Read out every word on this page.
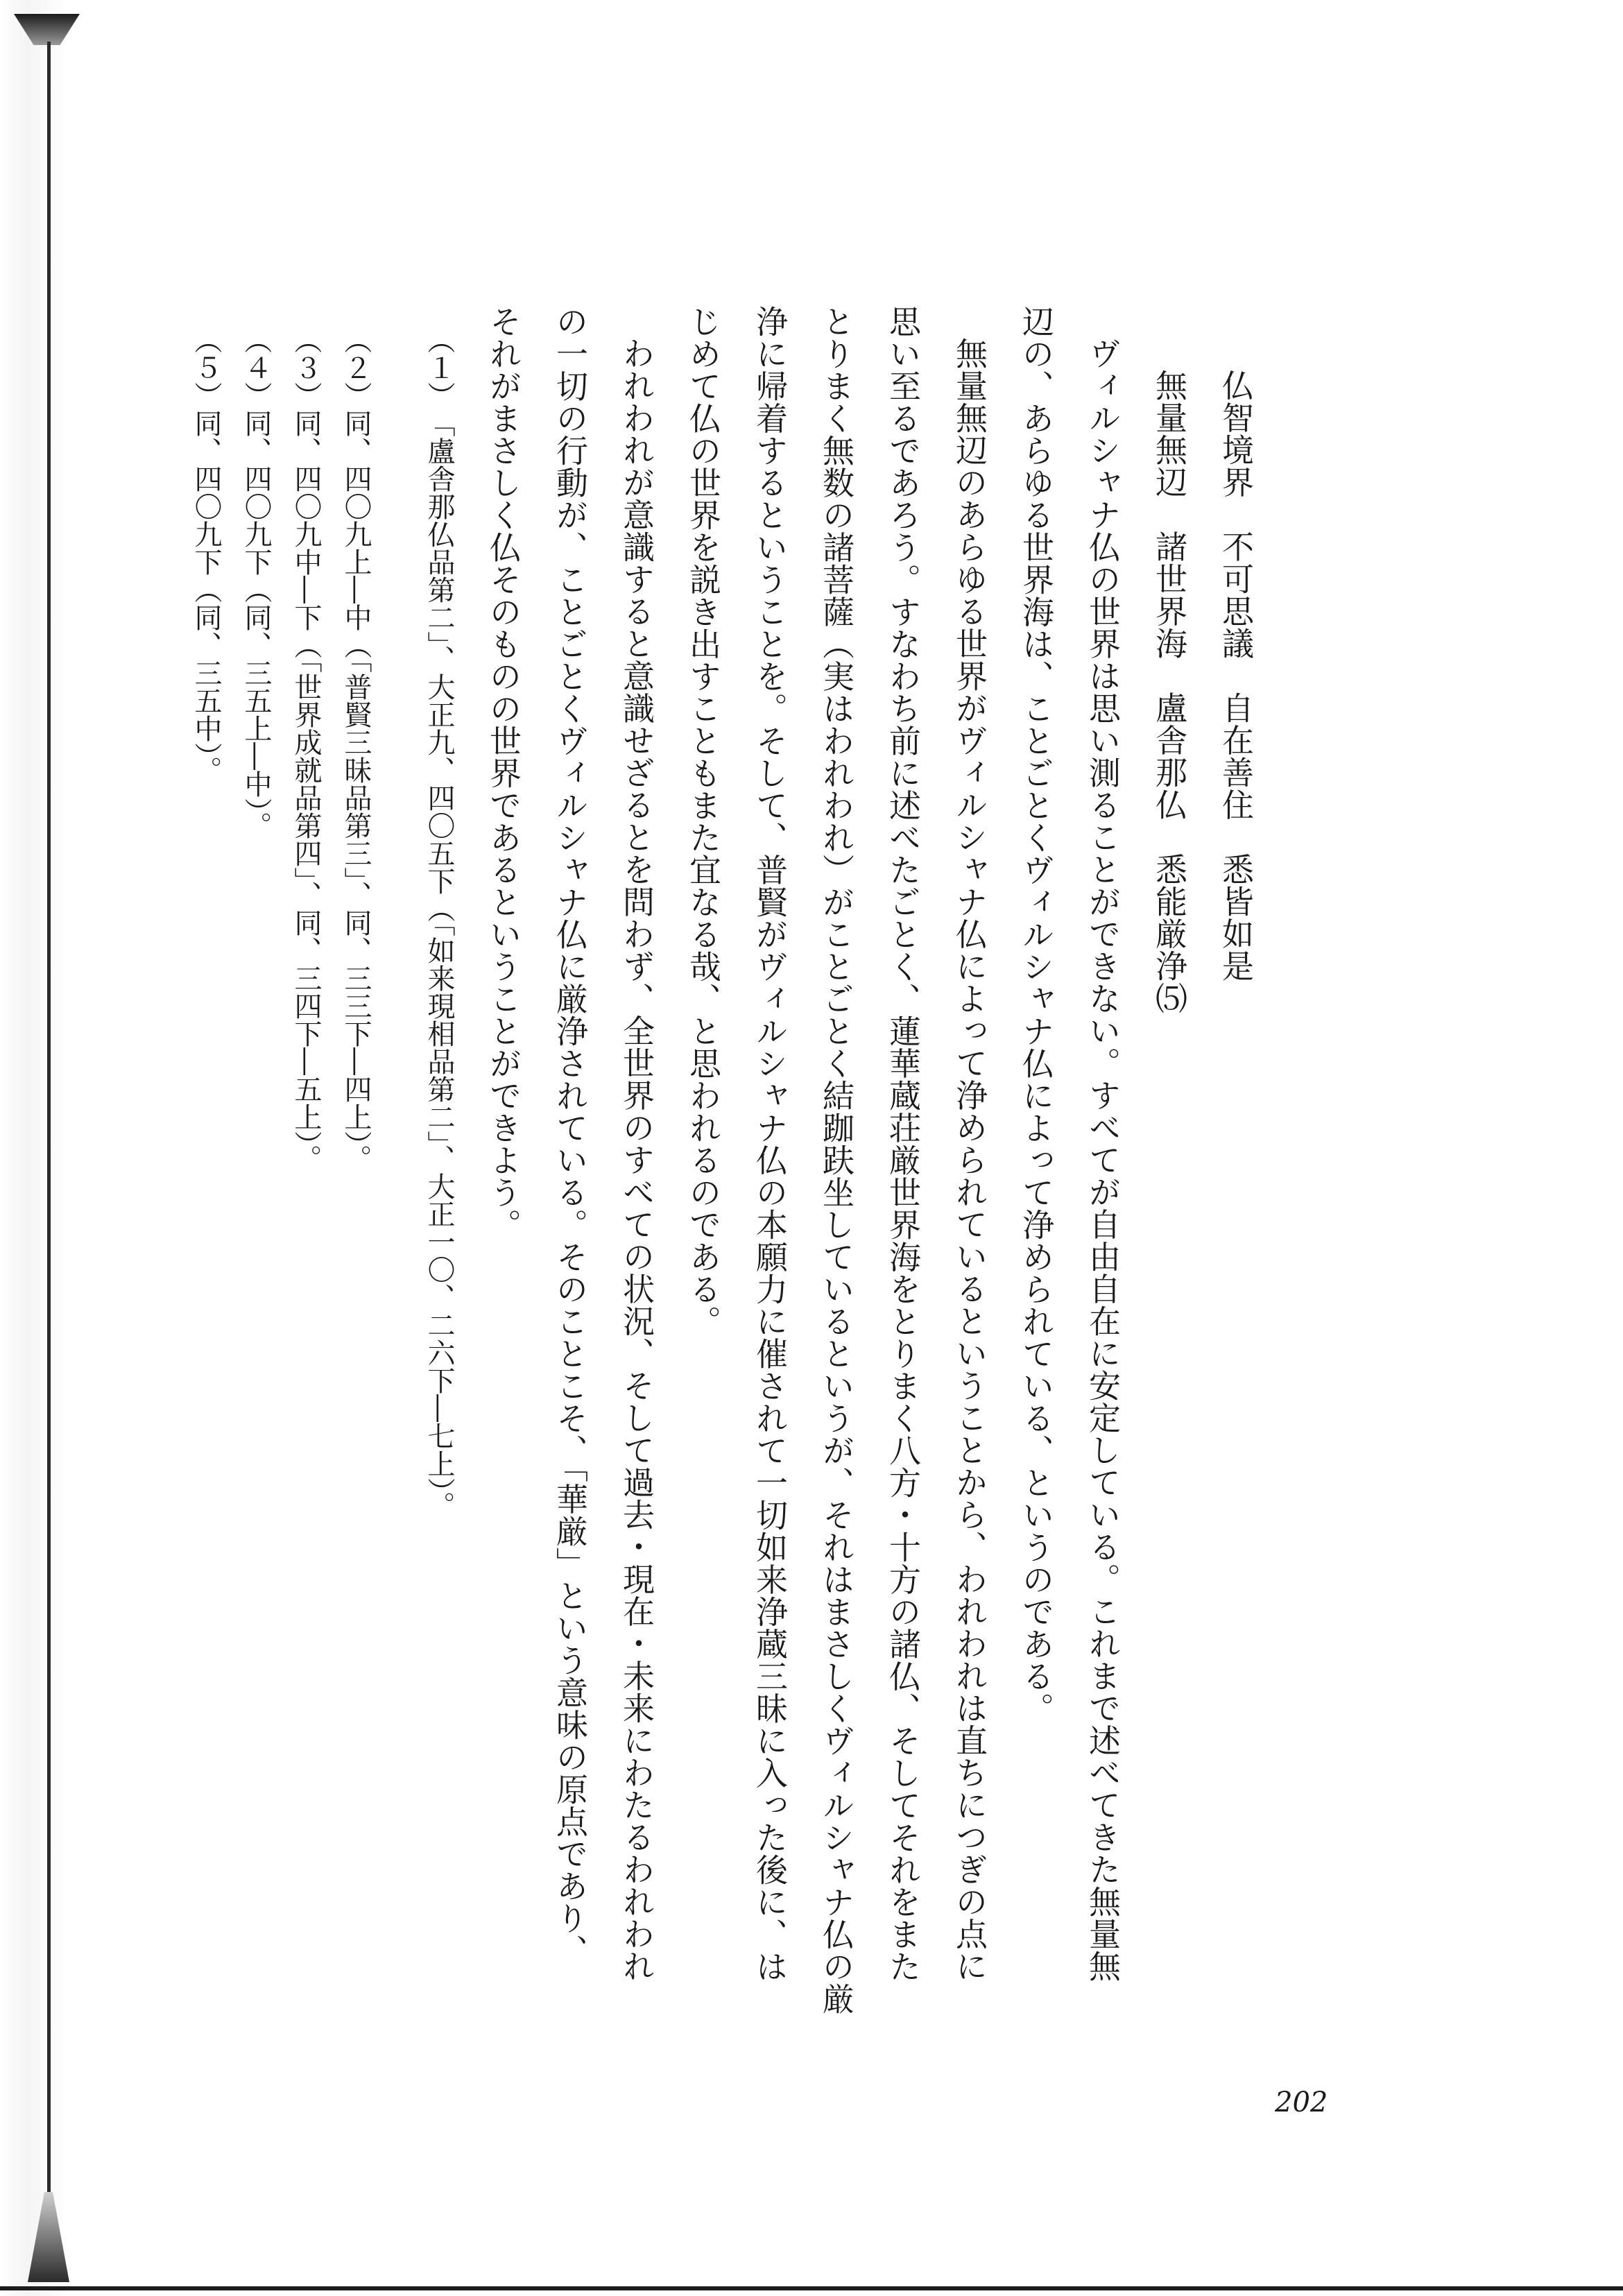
仏智境界　不可思議　自在善住　悉皆如是
無量無辺　諸世界海　盧舎那仏　悉能厳浄⑸
ヴィルシャナ仏の世界は思い測ることができない。すべてが自由自在に安定している。これまで述べてきた無量無
辺の、あらゆる世界海は、ことごとくヴィルシャナ仏によって浄められている、というのである。
無量無辺のあらゆる世界がヴィルシャナ仏によって浄められているということから、われわれは直ちにつぎの点に
思い至るであろう。すなわち前に述べたごとく、蓮華蔵荘厳世界海をとりまく八方・十方の諸仏、そしてそれをまた
とりまく無数の諸菩薩（実はわれわれ）がことごとく結跏趺坐しているというが、それはまさしくヴィルシャナ仏の厳
浄に帰着するということを。そして、普賢がヴィルシャナ仏の本願力に催されて一切如来浄蔵三昧に入った後に、は
じめて仏の世界を説き出すこともまた宜なる哉、と思われるのである。
われわれが意識すると意識せざるとを問わず、全世界のすべての状況、そして過去・現在・未来にわたるわれわれ
の一切の行動が、ことごとくヴィルシャナ仏に厳浄されている。そのことこそ、「華厳」という意味の原点であり、
それがまさしく仏そのものの世界であるということができよう。
（１）「盧舎那仏品第二」、大正九、四〇五下（「如来現相品第二」、大正一〇、二六下―七上）。
（２）同、四〇九上―中（「普賢三昧品第三」、同、三三下―四上）。
（３）同、四〇九中―下（「世界成就品第四」、同、三四下―五上）。
（４）同、四〇九下（同、三五上―中）。
（５）同、四〇九下（同、三五中）。
202
